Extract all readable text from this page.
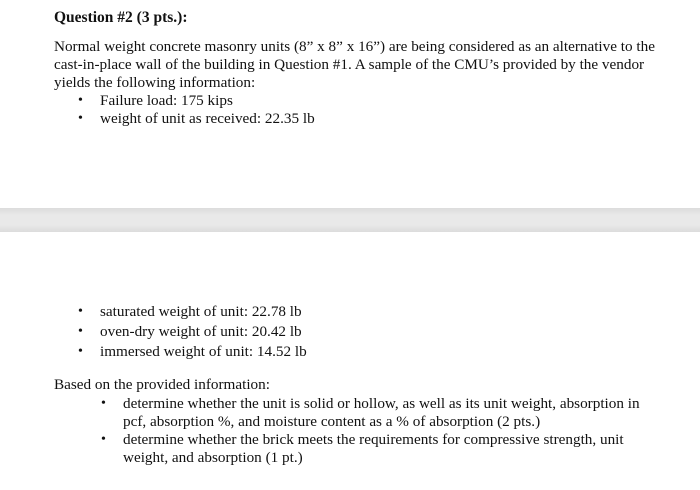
Question #2 (3 pts.):

Normal weight concrete masonry units (8” x 8” x 16”) are being considered as an alternative to the cast-in-place wall of the building in Question #1. A sample of the CMU’s provided by the vendor yields the following information:

•	Failure load: 175 kips
•	weight of unit as received: 22.35 lb
•	saturated weight of unit: 22.78 lb
•	oven-dry weight of unit: 20.42 lb
•	immersed weight of unit: 14.52 lb

Based on the provided information:

•	determine whether the unit is solid or hollow, as well as its unit weight, absorption in pcf, absorption %, and moisture content as a % of absorption (2 pts.)
•	determine whether the brick meets the requirements for compressive strength, unit weight, and absorption (1 pt.)
